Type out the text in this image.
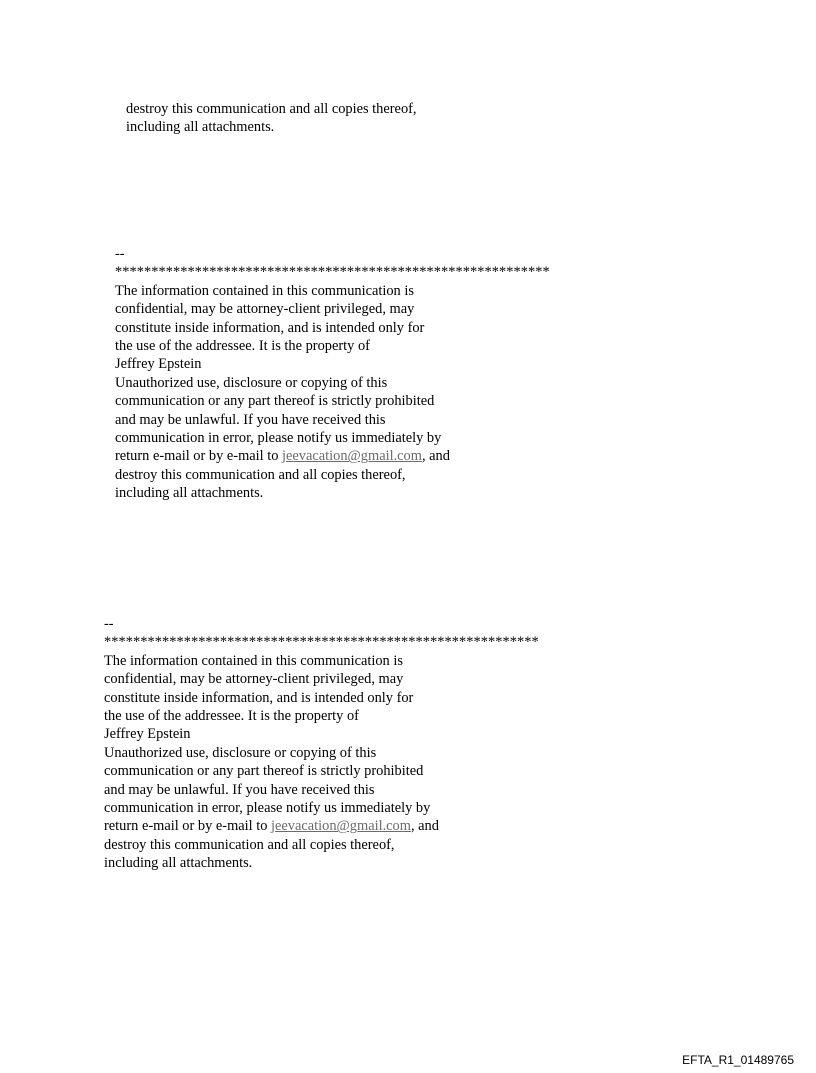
destroy this communication and all copies thereof,
including all attachments.
--
************************************************************
The information contained in this communication is
confidential, may be attorney-client privileged, may
constitute inside information, and is intended only for
the use of the addressee. It is the property of
Jeffrey Epstein
Unauthorized use, disclosure or copying of this
communication or any part thereof is strictly prohibited
and may be unlawful. If you have received this
communication in error, please notify us immediately by
return e-mail or by e-mail to jeevacation@gmail.com, and
destroy this communication and all copies thereof,
including all attachments.
--
************************************************************
The information contained in this communication is
confidential, may be attorney-client privileged, may
constitute inside information, and is intended only for
the use of the addressee. It is the property of
Jeffrey Epstein
Unauthorized use, disclosure or copying of this
communication or any part thereof is strictly prohibited
and may be unlawful. If you have received this
communication in error, please notify us immediately by
return e-mail or by e-mail to jeevacation@gmail.com, and
destroy this communication and all copies thereof,
including all attachments.
EFTA_R1_01489765
